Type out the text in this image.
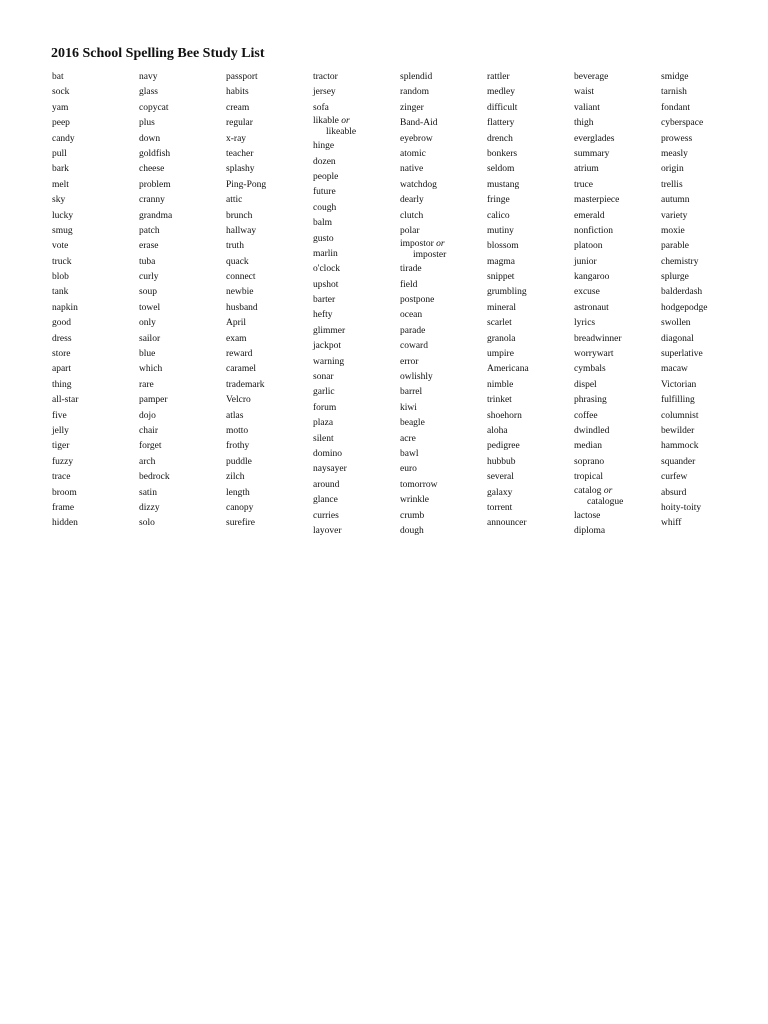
2016 School Spelling Bee Study List
bat
sock
yam
peep
candy
pull
bark
melt
sky
lucky
smug
vote
truck
blob
tank
napkin
good
dress
store
apart
thing
all-star
five
jelly
tiger
fuzzy
trace
broom
frame
hidden
navy
glass
copycat
plus
down
goldfish
cheese
problem
cranny
grandma
patch
erase
tuba
curly
soup
towel
only
sailor
blue
which
rare
pamper
dojo
chair
forget
arch
bedrock
satin
dizzy
solo
passport
habits
cream
regular
x-ray
teacher
splashy
Ping-Pong
attic
brunch
hallway
truth
quack
connect
newbie
husband
April
exam
reward
caramel
trademark
Velcro
atlas
motto
frothy
puddle
zilch
length
canopy
surefire
tractor
jersey
sofa
likable or
likeable
hinge
dozen
people
future
cough
balm
gusto
marlin
o'clock
upshot
barter
hefty
glimmer
jackpot
warning
sonar
garlic
forum
plaza
silent
domino
naysayer
around
glance
curries
layover
splendid
random
zinger
Band-Aid
eyebrow
atomic
native
watchdog
dearly
clutch
polar
impostor or
imposter
tirade
field
postpone
ocean
parade
coward
error
owlishly
barrel
kiwi
beagle
acre
bawl
euro
tomorrow
wrinkle
crumb
dough
rattler
medley
difficult
flattery
drench
bonkers
seldom
mustang
fringe
calico
mutiny
blossom
magma
snippet
grumbling
mineral
scarlet
granola
umpire
Americana
nimble
trinket
shoehorn
aloha
pedigree
hubbub
several
galaxy
torrent
announcer
beverage
waist
valiant
thigh
everglades
summary
atrium
truce
masterpiece
emerald
nonfiction
platoon
junior
kangaroo
excuse
astronaut
lyrics
breadwinner
worrywart
cymbals
dispel
phrasing
coffee
dwindled
median
soprano
tropical
catalog or
catalogue
lactose
diploma
smidge
tarnish
fondant
cyberspace
prowess
measly
origin
trellis
autumn
variety
moxie
parable
chemistry
splurge
balderdash
hodgepodge
swollen
diagonal
superlative
macaw
Victorian
fulfilling
columnist
bewilder
hammock
squander
curfew
absurd
hoity-toity
whiff
